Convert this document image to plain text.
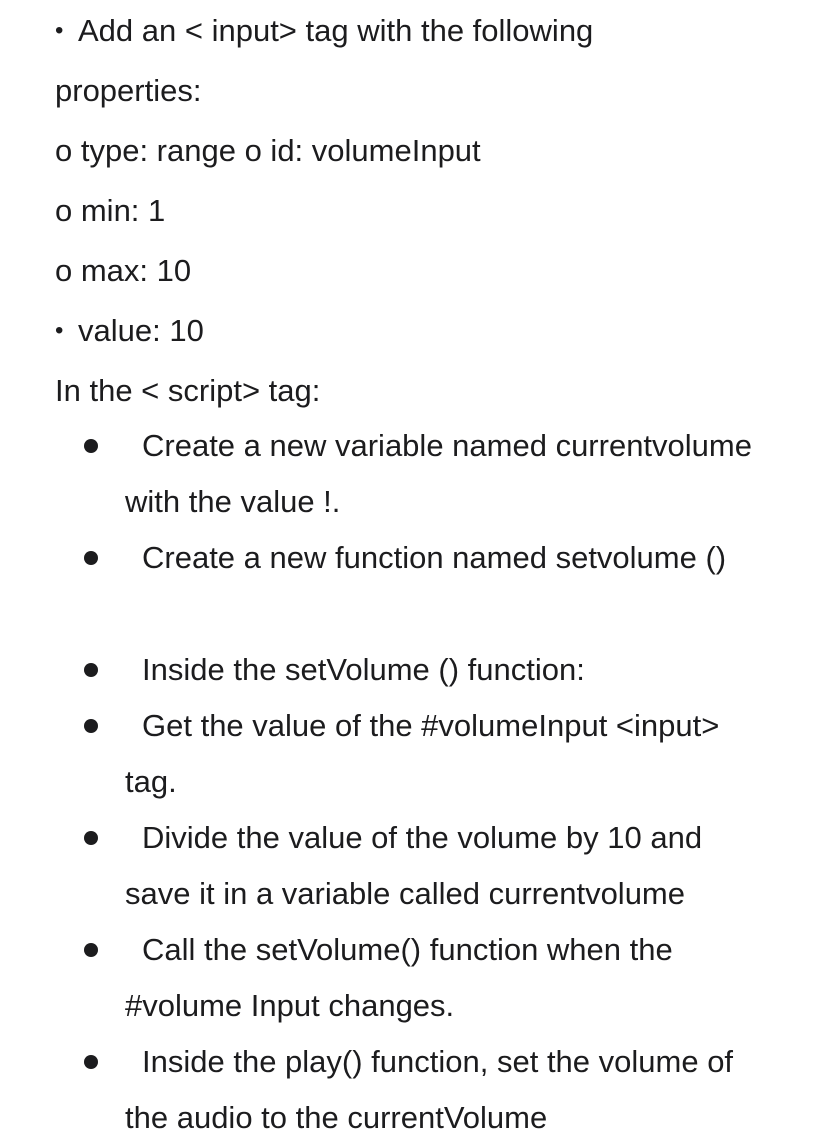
• Add an < input> tag with the following
properties:
o type: range o id: volumeInput
o min: 1
o max: 10
• value: 10
In the < script> tag:
Create a new variable named currentvolume with the value !.
Create a new function named setvolume ()
Inside the setVolume () function:
Get the value of the #volumeInput <input> tag.
Divide the value of the volume by 10 and save it in a variable called currentvolume
Call the setVolume() function when the #volume Input changes.
Inside the play() function, set the volume of the audio to the currentVolume
